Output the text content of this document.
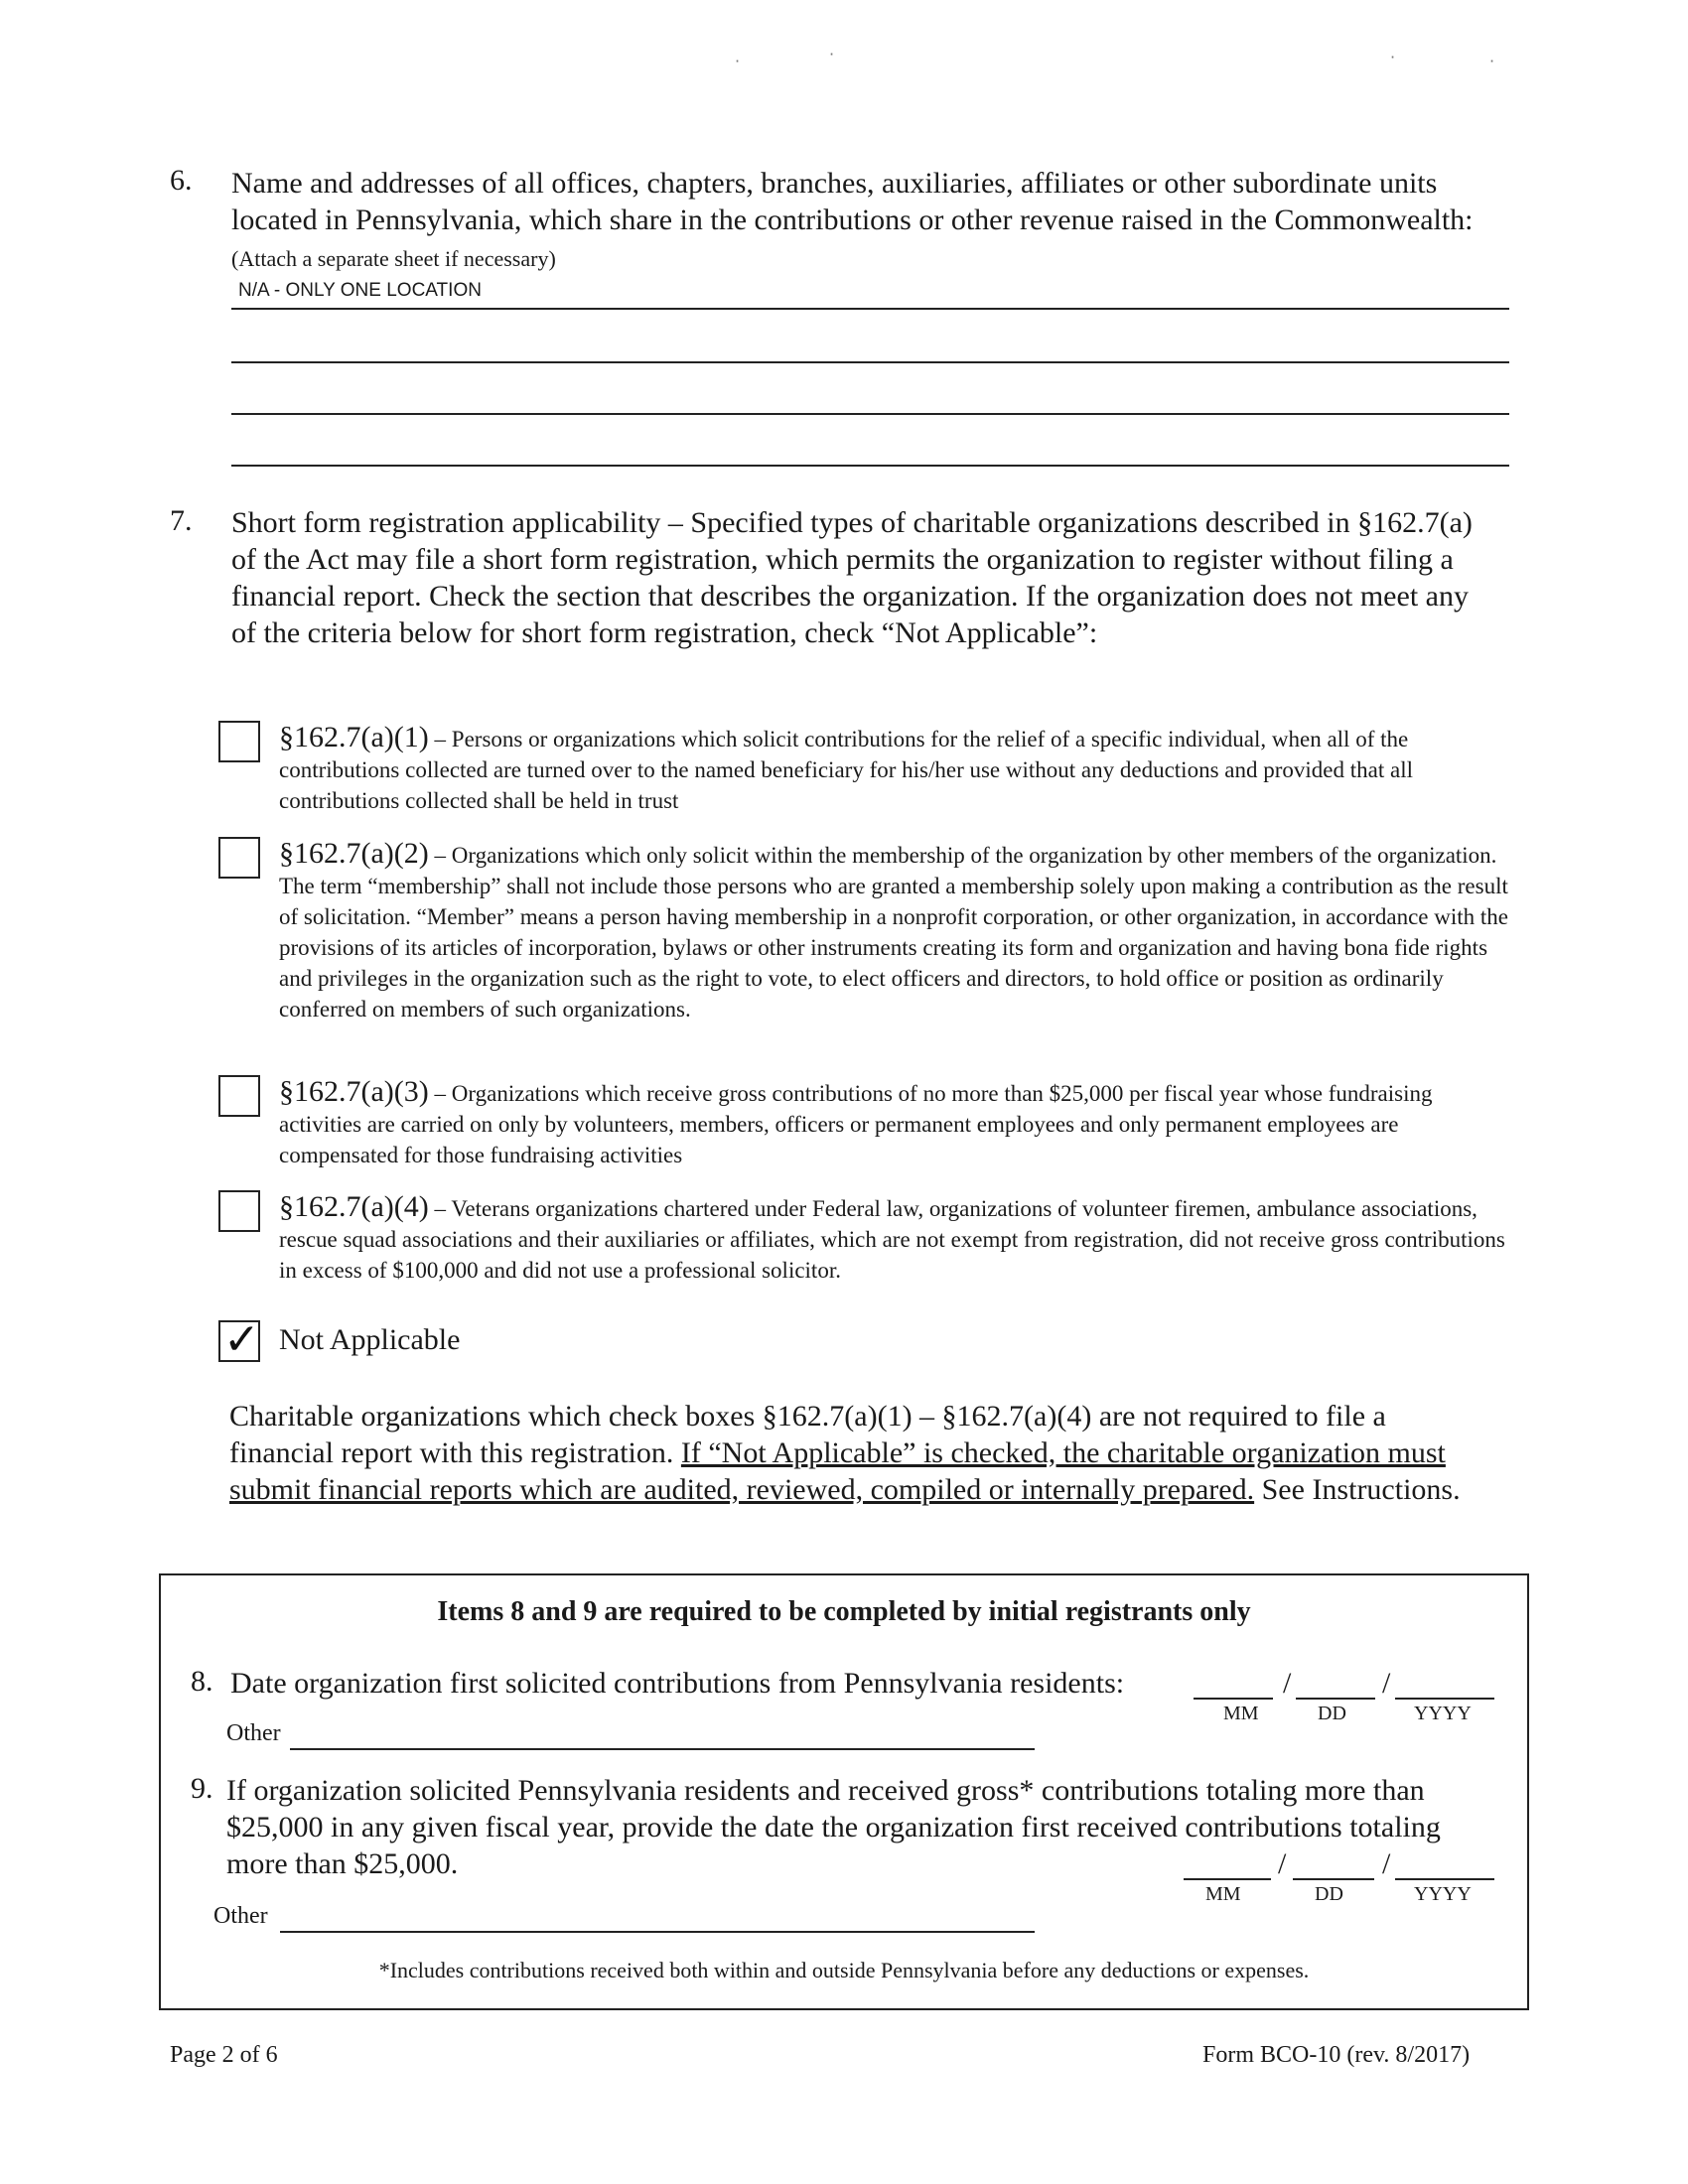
·	·	·	·
6. Name and addresses of all offices, chapters, branches, auxiliaries, affiliates or other subordinate units located in Pennsylvania, which share in the contributions or other revenue raised in the Commonwealth: (Attach a separate sheet if necessary)
N/A - ONLY ONE LOCATION
7. Short form registration applicability – Specified types of charitable organizations described in §162.7(a) of the Act may file a short form registration, which permits the organization to register without filing a financial report. Check the section that describes the organization. If the organization does not meet any of the criteria below for short form registration, check “Not Applicable”:
§162.7(a)(1) – Persons or organizations which solicit contributions for the relief of a specific individual, when all of the contributions collected are turned over to the named beneficiary for his/her use without any deductions and provided that all contributions collected shall be held in trust
§162.7(a)(2) – Organizations which only solicit within the membership of the organization by other members of the organization. The term “membership” shall not include those persons who are granted a membership solely upon making a contribution as the result of solicitation. “Member” means a person having membership in a nonprofit corporation, or other organization, in accordance with the provisions of its articles of incorporation, bylaws or other instruments creating its form and organization and having bona fide rights and privileges in the organization such as the right to vote, to elect officers and directors, to hold office or position as ordinarily conferred on members of such organizations.
§162.7(a)(3) – Organizations which receive gross contributions of no more than $25,000 per fiscal year whose fundraising activities are carried on only by volunteers, members, officers or permanent employees and only permanent employees are compensated for those fundraising activities
§162.7(a)(4) – Veterans organizations chartered under Federal law, organizations of volunteer firemen, ambulance associations, rescue squad associations and their auxiliaries or affiliates, which are not exempt from registration, did not receive gross contributions in excess of $100,000 and did not use a professional solicitor.
✓ Not Applicable
Charitable organizations which check boxes §162.7(a)(1) – §162.7(a)(4) are not required to file a financial report with this registration. If “Not Applicable” is checked, the charitable organization must submit financial reports which are audited, reviewed, compiled or internally prepared. See Instructions.
Items 8 and 9 are required to be completed by initial registrants only
8. Date organization first solicited contributions from Pennsylvania residents:	/	/
MM	DD	YYYY
Other
9. If organization solicited Pennsylvania residents and received gross* contributions totaling more than $25,000 in any given fiscal year, provide the date the organization first received contributions totaling more than $25,000.	/	/
MM	DD	YYYY
Other
*Includes contributions received both within and outside Pennsylvania before any deductions or expenses.
Page 2 of 6	Form BCO-10 (rev. 8/2017)
